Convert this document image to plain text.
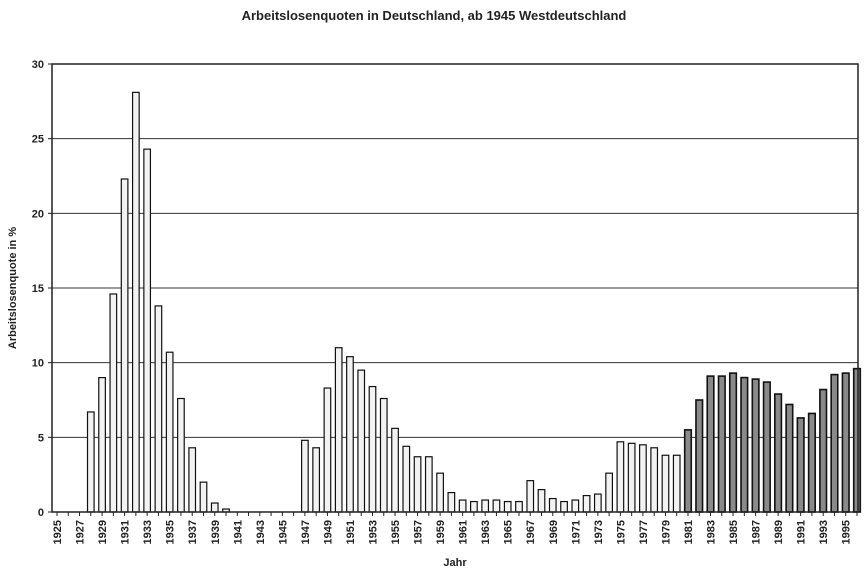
Arbeitslosenquoten in Deutschland, ab 1945 Westdeutschland
0
5
10
15
20
25
30
1925 1927 1929 1931 1933 1935 1937 1939 1941 1943 1945 1947 1949 1951 1953 1955 1957 1959 1961 1963 1965 1967 1969 1971 1973 1975 1977 1979 1981 1983 1985 1987 1989 1991 1993 1995
Arbeitslosenquote in %
Jahr
